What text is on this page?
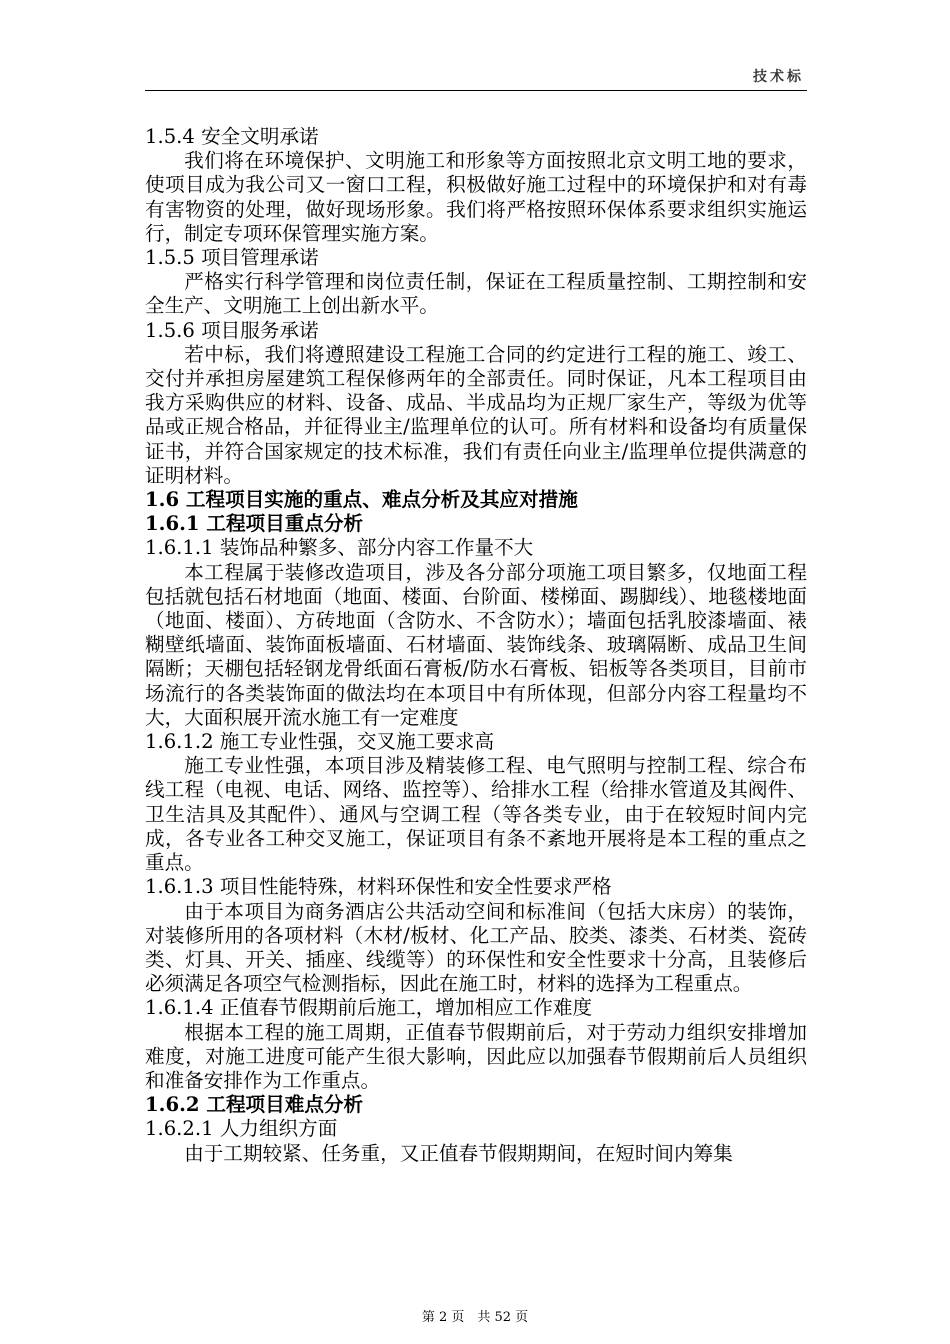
技术标

1.5.4 安全文明承诺

我们将在环境保护、文明施工和形象等方面按照北京文明工地的要求，使项目成为我公司又一窗口工程，积极做好施工过程中的环境保护和对有毒有害物资的处理，做好现场形象。我们将严格按照环保体系要求组织实施运行，制定专项环保管理实施方案。

1.5.5 项目管理承诺

严格实行科学管理和岗位责任制，保证在工程质量控制、工期控制和安全生产、文明施工上创出新水平。

1.5.6 项目服务承诺

若中标，我们将遵照建设工程施工合同的约定进行工程的施工、竣工、交付并承担房屋建筑工程保修两年的全部责任。同时保证，凡本工程项目由我方采购供应的材料、设备、成品、半成品均为正规厂家生产，等级为优等品或正规合格品，并征得业主/监理单位的认可。所有材料和设备均有质量保证书，并符合国家规定的技术标准，我们有责任向业主/监理单位提供满意的证明材料。

1.6 工程项目实施的重点、难点分析及其应对措施

1.6.1 工程项目重点分析

1.6.1.1 装饰品种繁多、部分内容工作量不大

本工程属于装修改造项目，涉及各分部分项施工项目繁多，仅地面工程包括就包括石材地面（地面、楼面、台阶面、楼梯面、踢脚线）、地毯楼地面（地面、楼面）、方砖地面（含防水、不含防水）；墙面包括乳胶漆墙面、裱糊壁纸墙面、装饰面板墙面、石材墙面、装饰线条、玻璃隔断、成品卫生间隔断；天棚包括轻钢龙骨纸面石膏板/防水石膏板、铝板等各类项目，目前市场流行的各类装饰面的做法均在本项目中有所体现，但部分内容工程量均不大，大面积展开流水施工有一定难度

1.6.1.2 施工专业性强，交叉施工要求高

施工专业性强，本项目涉及精装修工程、电气照明与控制工程、综合布线工程（电视、电话、网络、监控等）、给排水工程（给排水管道及其阀件、卫生洁具及其配件）、通风与空调工程（等各类专业，由于在较短时间内完成，各专业各工种交叉施工，保证项目有条不紊地开展将是本工程的重点之重点。

1.6.1.3 项目性能特殊，材料环保性和安全性要求严格

由于本项目为商务酒店公共活动空间和标准间（包括大床房）的装饰，对装修所用的各项材料（木材/板材、化工产品、胶类、漆类、石材类、瓷砖类、灯具、开关、插座、线缆等）的环保性和安全性要求十分高，且装修后必须满足各项空气检测指标，因此在施工时，材料的选择为工程重点。

1.6.1.4 正值春节假期前后施工，增加相应工作难度

根据本工程的施工周期，正值春节假期前后，对于劳动力组织安排增加难度，对施工进度可能产生很大影响，因此应以加强春节假期前后人员组织和准备安排作为工作重点。

1.6.2 工程项目难点分析

1.6.2.1 人力组织方面

由于工期较紧、任务重，又正值春节假期期间，在短时间内筹集

第 2 页　共 52 页
